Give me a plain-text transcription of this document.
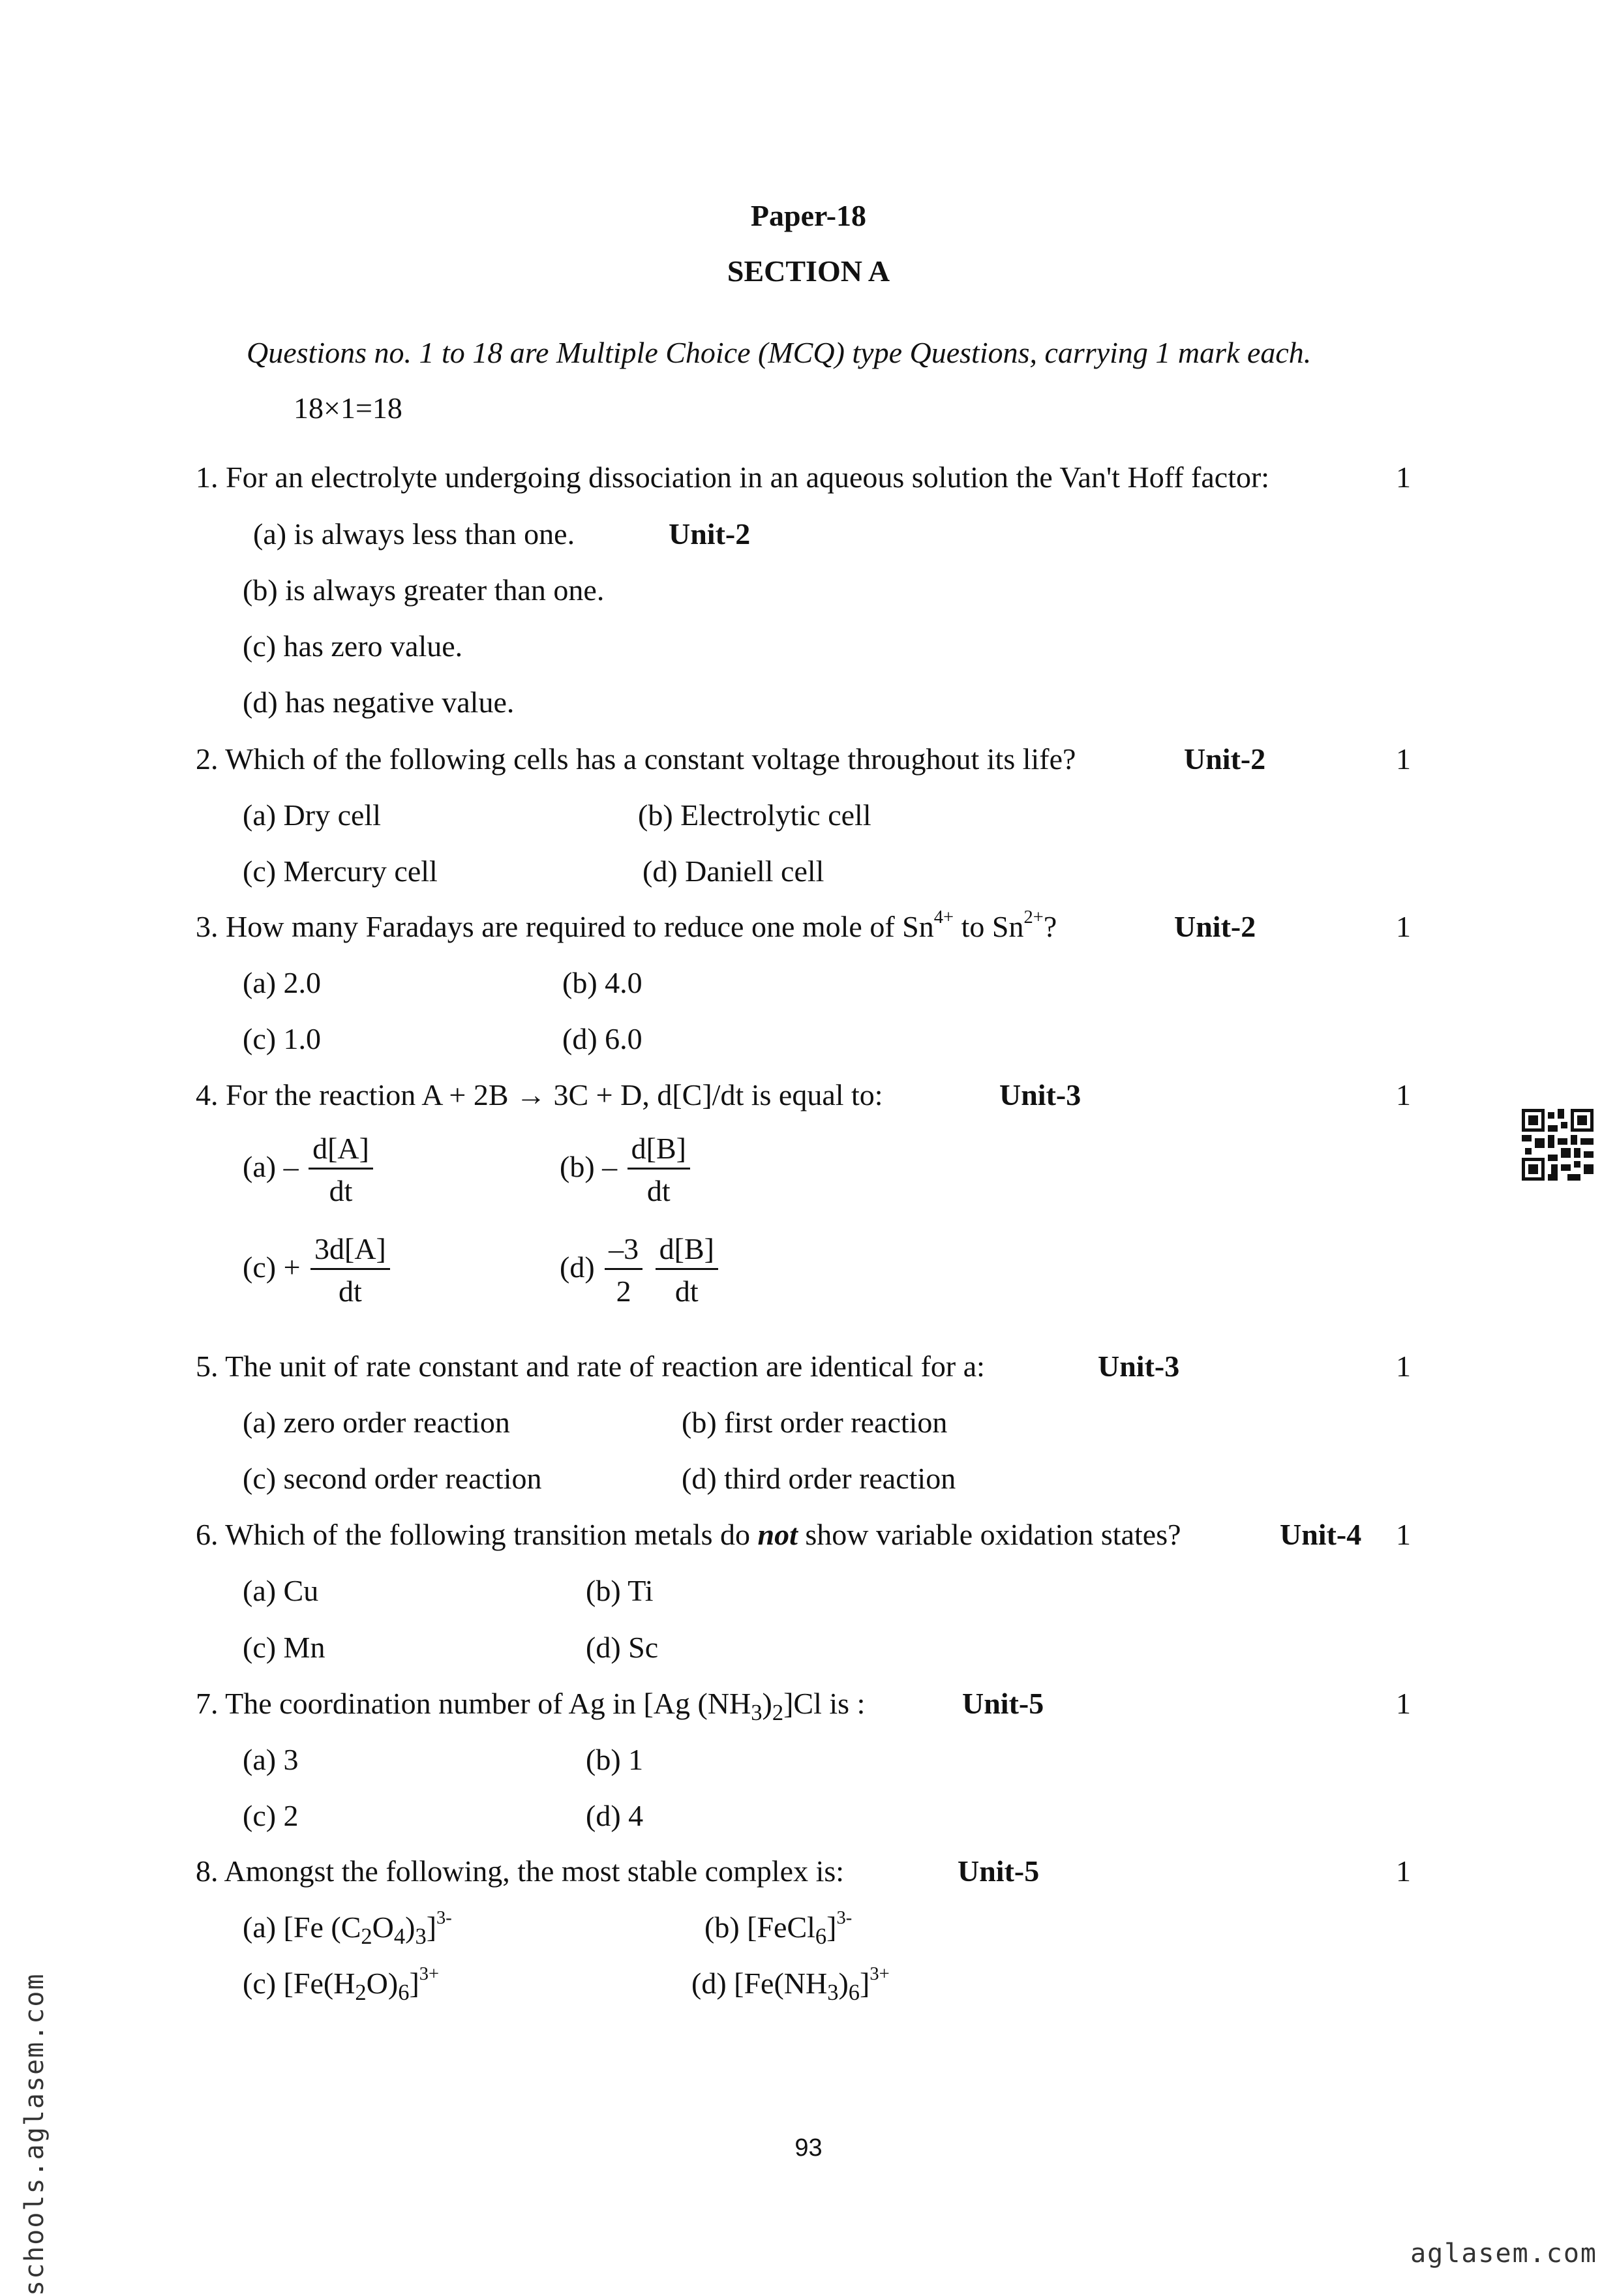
Paper-18
SECTION A
Questions no. 1 to 18 are Multiple Choice (MCQ) type Questions, carrying 1 mark each.
18×1=18
1. For an electrolyte undergoing dissociation in an aqueous solution the Van't Hoff factor:	1
(a) is always less than one.	Unit-2
(b) is always greater than one.
(c) has zero value.
(d) has negative value.
2. Which of the following cells has a constant voltage throughout its life?	Unit-2	1
(a) Dry cell	(b) Electrolytic cell
(c) Mercury cell	(d) Daniell cell
3. How many Faradays are required to reduce one mole of $Sn^{4+}$ to $Sn^{2+}$?	Unit-2	1
(a) 2.0	(b) 4.0
(c) 1.0	(d) 6.0
4. For the reaction A + 2B → 3C + D, d[C]/dt is equal to:	Unit-3	1
$(a) - \frac{d[A]}{dt}$	$(b) - \frac{d[B]}{dt}$
$(c) + \frac{3d[A]}{dt}$	$(d) \frac{-3}{2}$
$\frac{d[B]}{dt}$
5. The unit of rate constant and rate of reaction are identical for a:	Unit-3	1
(a) zero order reaction	(b) first order reaction
(c) second order reaction	(d) third order reaction
6. Which of the following transition metals do not show variable oxidation states?	Unit-4 1
(a) Cu	(b) Ti
(c) Mn	(d) Sc
7. The coordination number of Ag in [Ag $(NH_3)_2]Cl$ is :	Unit-5	1
(a) 3	(b) 1
(c) 2	(d) 4
8. Amongst the following, the most stable complex is:	Unit-5	1
(a) [Fe $(C_2O_4)_3]^{3-}$	(b) [FeCl$_6$]$^{3-}$
(c) $[Fe(H_2O)_6]^{3+}$	(d) $[Fe(NH_3)_6]^{3+}$
93
schools.aglasem.com	aglasem.com
